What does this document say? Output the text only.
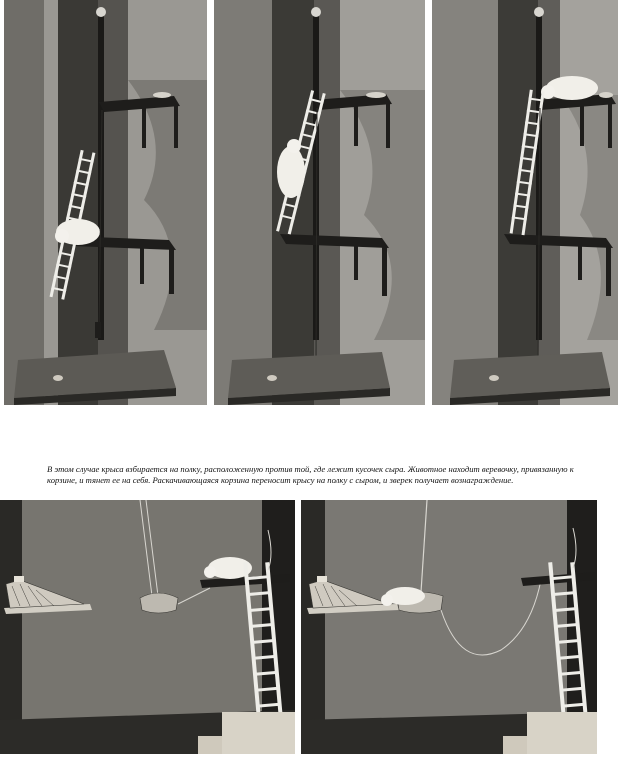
В этом случае крыса взбирается на полку, расположенную против той, где лежит кусочек сыра. Животное находит веревочку, привязанную к корзине, и тянет ее на себя. Раскачивающаяся корзина переносит крысу на полку с сыром, и зверек получает вознаграждение.
